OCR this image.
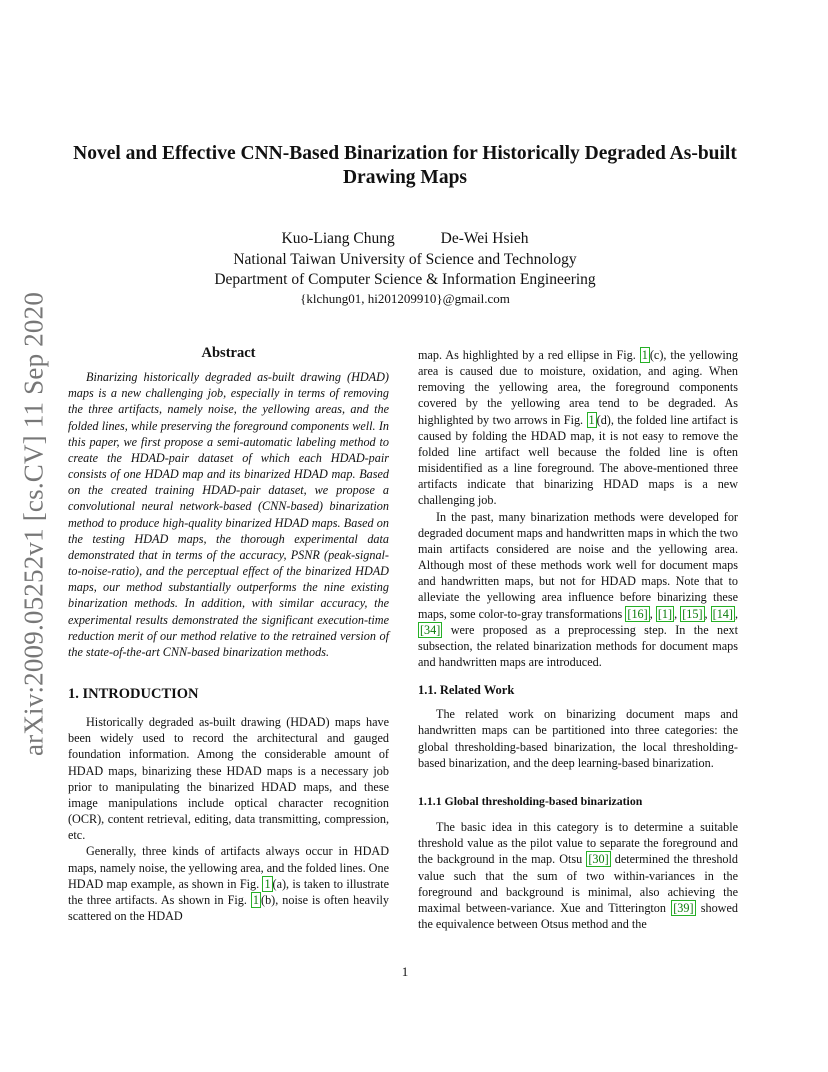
arXiv:2009.05252v1 [cs.CV] 11 Sep 2020
Novel and Effective CNN-Based Binarization for Historically Degraded As-built
Drawing Maps
Kuo-Liang Chung	De-Wei Hsieh
National Taiwan University of Science and Technology
Department of Computer Science & Information Engineering
{klchung01, hi201209910}@gmail.com
Abstract

Binarizing historically degraded as-built drawing (HDAD) maps is a new challenging job, especially in terms of removing the three artifacts, namely noise, the yellowing areas, and the folded lines, while preserving the foreground components well. In this paper, we first propose a semi-automatic labeling method to create the HDAD-pair dataset of which each HDAD-pair consists of one HDAD map and its binarized HDAD map. Based on the created training HDAD-pair dataset, we propose a convolutional neural network-based (CNN-based) binarization method to produce high-quality binarized HDAD maps. Based on the testing HDAD maps, the thorough experimental data demonstrated that in terms of the accuracy, PSNR (peak-signal-to-noise-ratio), and the perceptual effect of the binarized HDAD maps, our method substantially outperforms the nine existing binarization methods. In addition, with similar accuracy, the experimental results demonstrated the significant execution-time reduction merit of our method relative to the retrained version of the state-of-the-art CNN-based binarization methods.

1. INTRODUCTION

Historically degraded as-built drawing (HDAD) maps have been widely used to record the architectural and gauged foundation information. Among the considerable amount of HDAD maps, binarizing these HDAD maps is a necessary job prior to manipulating the binarized HDAD maps, and these image manipulations include optical character recognition (OCR), content retrieval, editing, data transmitting, compression, etc.

Generally, three kinds of artifacts always occur in HDAD maps, namely noise, the yellowing area, and the folded lines. One HDAD map example, as shown in Fig. 1 (a), is taken to illustrate the three artifacts. As shown in Fig. 1 (b), noise is often heavily scattered on the HDAD

map. As highlighted by a red ellipse in Fig. 1 (c), the yellowing area is caused due to moisture, oxidation, and aging. When removing the yellowing area, the foreground components covered by the yellowing area tend to be degraded. As highlighted by two arrows in Fig. 1 (d), the folded line artifact is caused by folding the HDAD map, it is not easy to remove the folded line artifact well because the folded line is often misidentified as a line foreground. The above-mentioned three artifacts indicate that binarizing HDAD maps is a new challenging job.

In the past, many binarization methods were developed for degraded document maps and handwritten maps in which the two main artifacts considered are noise and the yellowing area. Although most of these methods work well for document maps and handwritten maps, but not for HDAD maps. Note that to alleviate the yellowing area influence before binarizing these maps, some color-to-gray transformations [16] , [1] , [15] , [14] , [34] were proposed as a preprocessing step. In the next subsection, the related binarization methods for document maps and handwritten maps are introduced.

1.1. Related Work

The related work on binarizing document maps and handwritten maps can be partitioned into three categories: the global thresholding-based binarization, the local thresholding-based binarization, and the deep learning-based binarization.

1.1.1 Global thresholding-based binarization

The basic idea in this category is to determine a suitable threshold value as the pilot value to separate the foreground and the background in the map. Otsu [30] determined the threshold value such that the sum of two within-variances in the foreground and background is minimal, also achieving the maximal between-variance. Xue and Titterington [39] showed the equivalence between Otsus method and the

1
